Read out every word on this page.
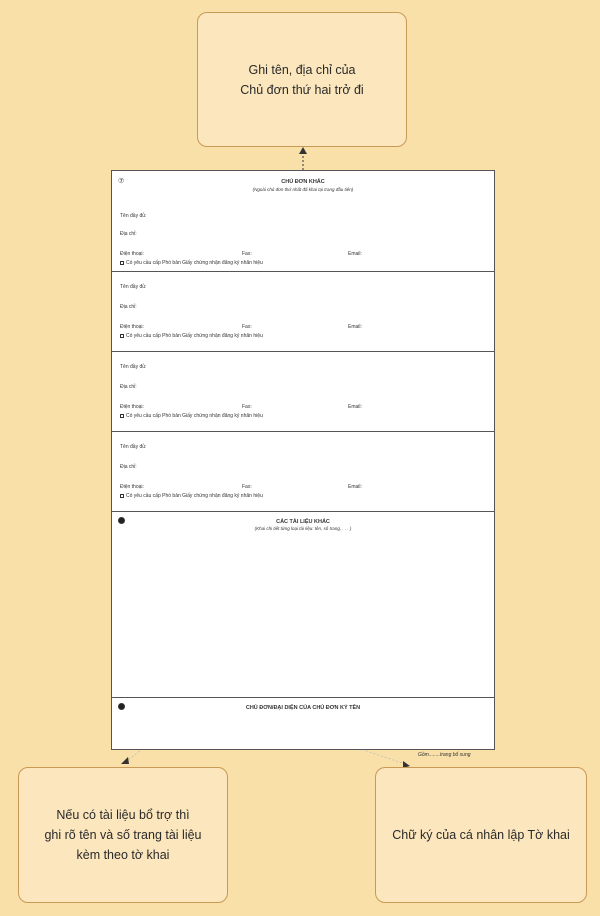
Ghi tên, địa chỉ của
Chủ đơn thứ hai trở đi
Nếu có tài liệu bổ trợ thì
ghi rõ tên và số trang tài liệu
kèm theo tờ khai
Chữ ký của cá nhân lập Tờ khai
⑦	CHỦ ĐƠN KHÁC
(Ngoài chủ đơn thứ nhất đã khai tại trang đầu tiên)
Tên đầy đủ:
Địa chỉ:
Điện thoại:	Fax:	Email:
Có yêu cầu cấp Phó bản Giấy chứng nhận đăng ký nhãn hiệu
Tên đầy đủ:
Địa chỉ:
Điện thoại:	Fax:	Email:
Có yêu cầu cấp Phó bản Giấy chứng nhận đăng ký nhãn hiệu
Tên đầy đủ:
Địa chỉ:
Điện thoại:	Fax:	Email:
Có yêu cầu cấp Phó bản Giấy chứng nhận đăng ký nhãn hiệu
Tên đầy đủ:
Địa chỉ:
Điện thoại:	Fax:	Email:
Có yêu cầu cấp Phó bản Giấy chứng nhận đăng ký nhãn hiệu
CÁC TÀI LIỆU KHÁC
(Khai chi tiết từng loại tài liệu: tên, số trang, . . . )
CHỦ ĐƠN/ĐẠI DIỆN CỦA CHỦ ĐƠN KÝ TÊN
Gồm........trang bổ sung
